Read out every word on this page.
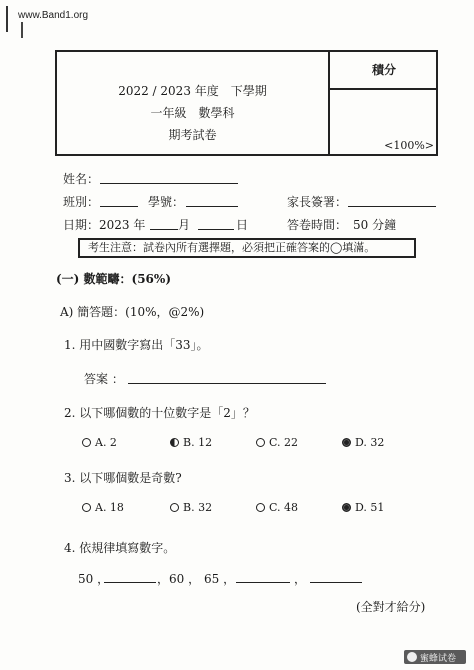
www.Band1.org
2022 / 2023 年度　下學期
一年級　數學科
期考試卷
積分
<100%>
姓名：
班別：	學號：	家長簽署：
日期：2023 年	月	日	答卷時間：　50 分鐘
考生注意：試卷內所有選擇題，必須把正確答案的◯填滿。
(一) 數範疇：(56%)
A) 簡答題：(10%，@2%)
1. 用中國數字寫出「33」。
答案 ：
2. 以下哪個數的十位數字是「2」？
A. 2	B. 12	C. 22	D. 32
3. 以下哪個數是奇數?
A. 18	B. 32	C. 48	D. 51
4. 依規律填寫數字。
50 ，	，60 ， 65 ，	，
(全對才給分)
蜜蜂试卷
